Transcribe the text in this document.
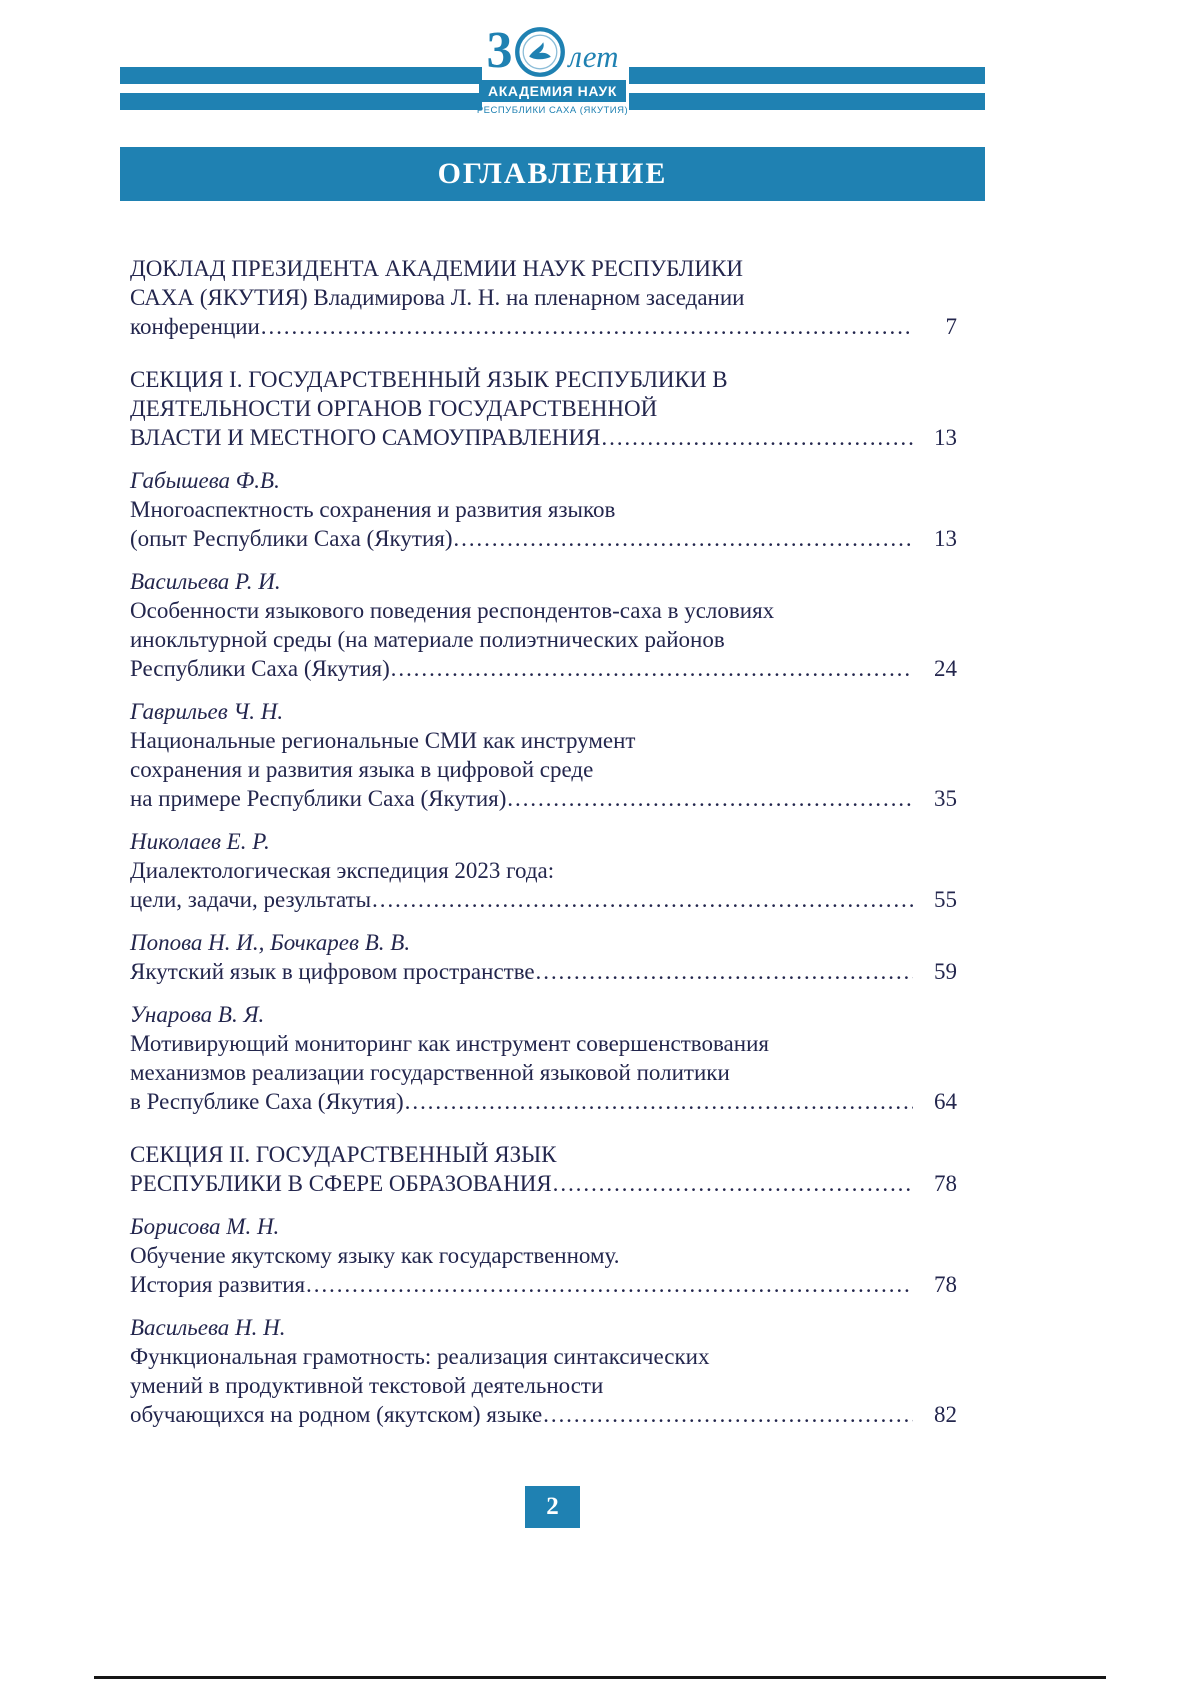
3 лет
АКАДЕМИЯ НАУК
РЕСПУБЛИКИ САХА (ЯКУТИЯ)
ОГЛАВЛЕНИЕ
ДОКЛАД ПРЕЗИДЕНТА АКАДЕМИИ НАУК РЕСПУБЛИКИ
САХА (ЯКУТИЯ) Владимирова Л. Н. на пленарном заседании
конференции …………………………………………………………………………………………………………	7
СЕКЦИЯ I. ГОСУДАРСТВЕННЫЙ ЯЗЫК РЕСПУБЛИКИ В
ДЕЯТЕЛЬНОСТИ ОРГАНОВ ГОСУДАРСТВЕННОЙ
ВЛАСТИ И МЕСТНОГО САМОУПРАВЛЕНИЯ …………………………………………………………………………………………………………	13
Габышева Ф.В.
Многоаспектность сохранения и развития языков
(опыт Республики Саха (Якутия) …………………………………………………………………………………………………………	13
Васильева Р. И.
Особенности языкового поведения респондентов-саха в условиях
инокльтурной среды (на материале полиэтнических районов
Республики Саха (Якутия) …………………………………………………………………………………………………………	24
Гаврильев Ч. Н.
Национальные региональные СМИ как инструмент
сохранения и развития языка в цифровой среде
на примере Республики Саха (Якутия) …………………………………………………………………………………………………………	35
Николаев Е. Р.
Диалектологическая экспедиция 2023 года:
цели, задачи, результаты …………………………………………………………………………………………………………	55
Попова Н. И., Бочкарев В. В.
Якутский язык в цифровом пространстве …………………………………………………………………………………………………………	59
Унарова В. Я.
Мотивирующий мониторинг как инструмент совершенствования
механизмов реализации государственной языковой политики
в Республике Саха (Якутия) …………………………………………………………………………………………………………	64
СЕКЦИЯ II. ГОСУДАРСТВЕННЫЙ ЯЗЫК
РЕСПУБЛИКИ В СФЕРЕ ОБРАЗОВАНИЯ …………………………………………………………………………………………………………	78
Борисова М. Н.
Обучение якутскому языку как государственному.
История развития …………………………………………………………………………………………………………	78
Васильева Н. Н.
Функциональная грамотность: реализация синтаксических
умений в продуктивной текстовой деятельности
обучающихся на родном (якутском) языке …………………………………………………………………………………………………………	82
2
